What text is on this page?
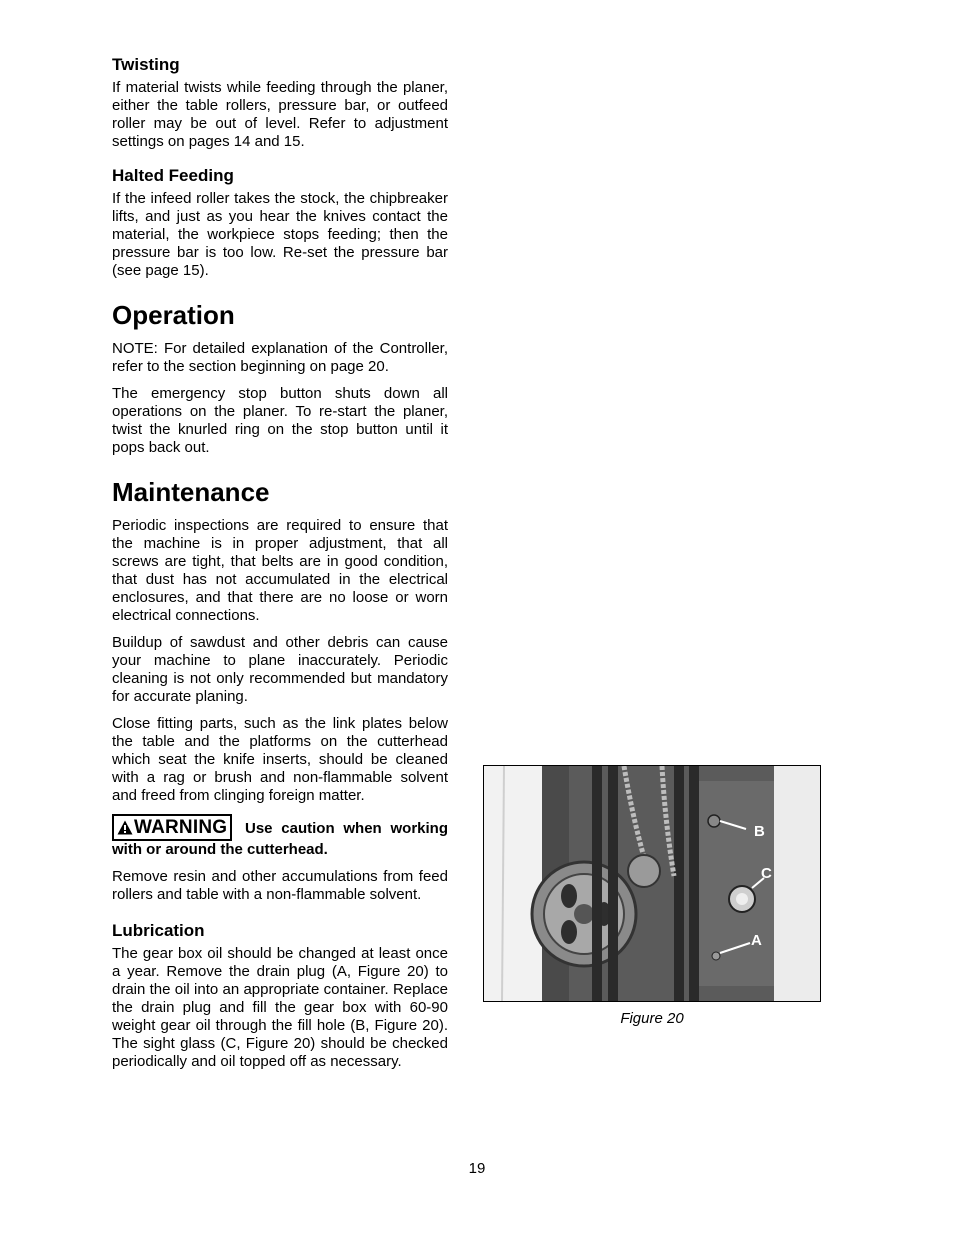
Twisting

If material twists while feeding through the planer, either the table rollers, pressure bar, or outfeed roller may be out of level. Refer to adjustment settings on pages 14 and 15.

Halted Feeding

If the infeed roller takes the stock, the chipbreaker lifts, and just as you hear the knives contact the material, the workpiece stops feeding; then the pressure bar is too low. Re-set the pressure bar (see page 15).

Operation

NOTE: For detailed explanation of the Controller, refer to the section beginning on page 20.

The emergency stop button shuts down all operations on the planer. To re-start the planer, twist the knurled ring on the stop button until it pops back out.

Maintenance

Periodic inspections are required to ensure that the machine is in proper adjustment, that all screws are tight, that belts are in good condition, that dust has not accumulated in the electrical enclosures, and that there are no loose or worn electrical connections.

Buildup of sawdust and other debris can cause your machine to plane inaccurately. Periodic cleaning is not only recommended but mandatory for accurate planing.

Close fitting parts, such as the link plates below the table and the platforms on the cutterhead which seat the knife inserts, should be cleaned with a rag or brush and non-flammable solvent and freed from clinging foreign matter.

WARNING Use caution when working with or around the cutterhead.

Remove resin and other accumulations from feed rollers and table with a non-flammable solvent.

Lubrication

The gear box oil should be changed at least once a year. Remove the drain plug (A, Figure 20) to drain the oil into an appropriate container. Replace the drain plug and fill the gear box with 60-90 weight gear oil through the fill hole (B, Figure 20). The sight glass (C, Figure 20) should be checked periodically and oil topped off as necessary.

B
C
A
Figure 20
19
